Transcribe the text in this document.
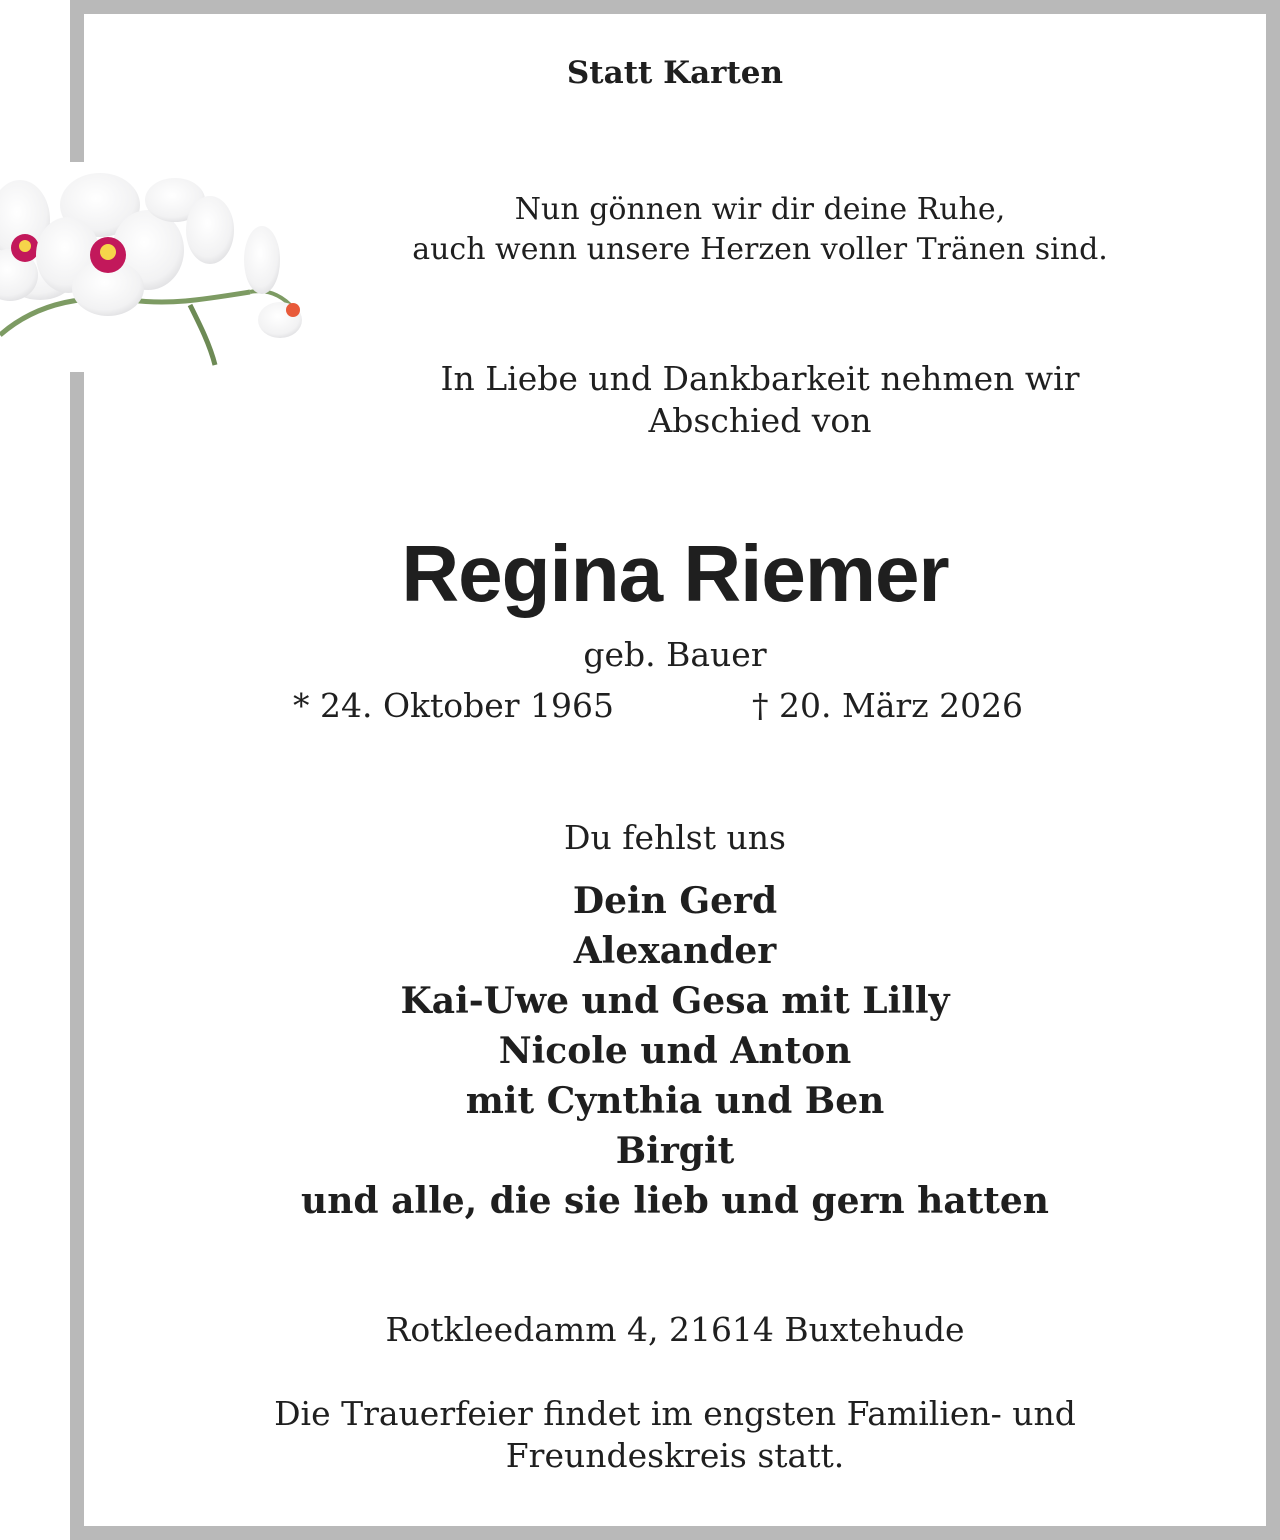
Statt Karten
Nun gönnen wir dir deine Ruhe,
auch wenn unsere Herzen voller Tränen sind.
In Liebe und Dankbarkeit nehmen wir
Abschied von
Regina Riemer
geb. Bauer
* 24. Oktober 1965	† 20. März 2026
Du fehlst uns
Dein Gerd
Alexander
Kai-Uwe und Gesa mit Lilly
Nicole und Anton
mit Cynthia und Ben
Birgit
und alle, die sie lieb und gern hatten
Rotkleedamm 4, 21614 Buxtehude
Die Trauerfeier findet im engsten Familien- und
Freundeskreis statt.
